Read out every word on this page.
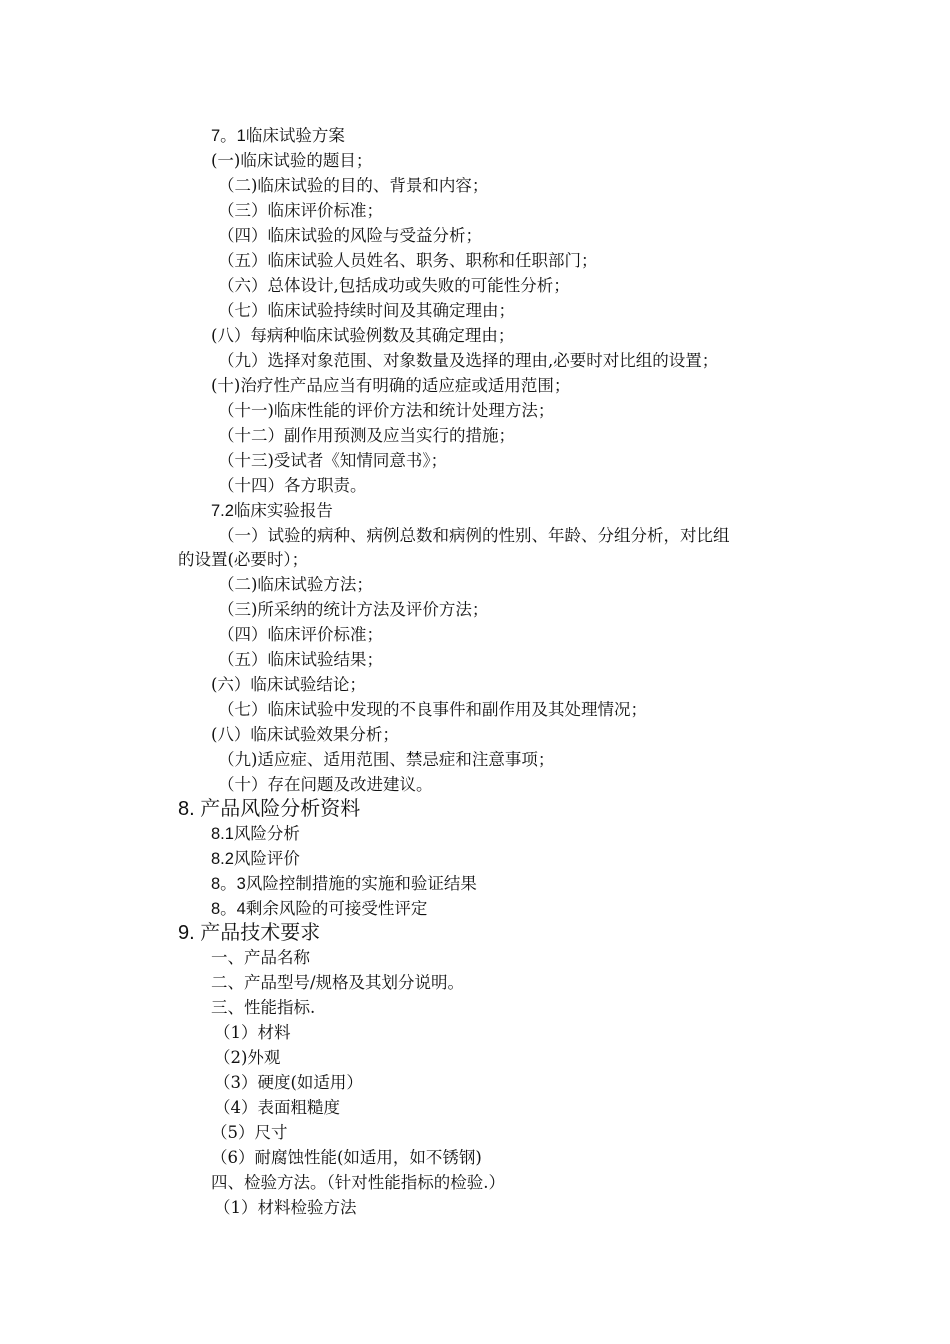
7。1临床试验方案
(一)临床试验的题目；
（二)临床试验的目的、背景和内容；
（三）临床评价标准；
（四）临床试验的风险与受益分析；
（五）临床试验人员姓名、职务、职称和任职部门；
（六）总体设计,包括成功或失败的可能性分析；
（七）临床试验持续时间及其确定理由；
(八）每病种临床试验例数及其确定理由；
（九）选择对象范围、对象数量及选择的理由,必要时对比组的设置；
(十)治疗性产品应当有明确的适应症或适用范围；
（十一)临床性能的评价方法和统计处理方法；
（十二）副作用预测及应当实行的措施；
（十三)受试者《知情同意书》；
（十四）各方职责。
7.2临床实验报告
（一）试验的病种、病例总数和病例的性别、年龄、分组分析，对比组
的设置(必要时）；
（二)临床试验方法；
（三)所采纳的统计方法及评价方法；
（四）临床评价标准；
（五）临床试验结果；
(六）临床试验结论；
（七）临床试验中发现的不良事件和副作用及其处理情况；
(八）临床试验效果分析；
（九)适应症、适用范围、禁忌症和注意事项；
（十）存在问题及改进建议。
8. 产品风险分析资料
8.1风险分析
8.2风险评价
8。3风险控制措施的实施和验证结果
8。4剩余风险的可接受性评定
9. 产品技术要求
一、产品名称
二、产品型号/规格及其划分说明。
三、性能指标.
（1）材料
（2)外观
（3）硬度(如适用）
（4）表面粗糙度
（5）尺寸
（6）耐腐蚀性能(如适用，如不锈钢)
四、检验方法。（针对性能指标的检验.）
（1）材料检验方法
